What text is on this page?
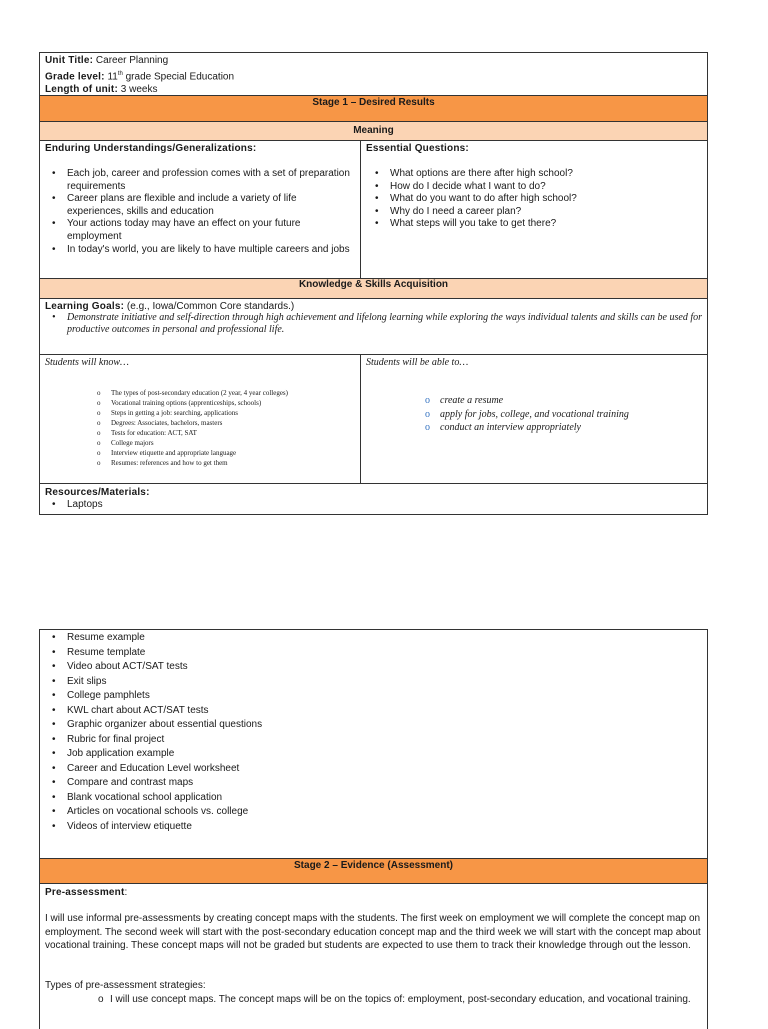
Unit Title: Career Planning
Grade level: 11th grade Special Education
Length of unit: 3 weeks
Stage 1 – Desired Results
Meaning
Enduring Understandings/Generalizations:
• Each job, career and profession comes with a set of preparation requirements
• Career plans are flexible and include a variety of life experiences, skills and education
• Your actions today may have an effect on your future employment
• In today's world, you are likely to have multiple careers and jobs
Essential Questions:
• What options are there after high school?
• How do I decide what I want to do?
• What do you want to do after high school?
• Why do I need a career plan?
• What steps will you take to get there?
Knowledge & Skills Acquisition
Learning Goals: (e.g., Iowa/Common Core standards.)
• Demonstrate initiative and self-direction through high achievement and lifelong learning while exploring the ways individual talents and skills can be used for productive outcomes in personal and professional life.
Students will know…
o The types of post-secondary education (2 year, 4 year colleges)
o Vocational training options (apprenticeships, schools)
o Steps in getting a job: searching, applications
o Degrees: Associates, bachelors, masters
o Tests for education: ACT, SAT
o College majors
o Interview etiquette and appropriate language
o Resumes: references and how to get them
Students will be able to…
o create a resume
o apply for jobs, college, and vocational training
o conduct an interview appropriately
Resources/Materials:
• Laptops
• Resume example
• Resume template
• Video about ACT/SAT tests
• Exit slips
• College pamphlets
• KWL chart about ACT/SAT tests
• Graphic organizer about essential questions
• Rubric for final project
• Job application example
• Career and Education Level worksheet
• Compare and contrast maps
• Blank vocational school application
• Articles on vocational schools vs. college
• Videos of interview etiquette
Stage 2 – Evidence (Assessment)
Pre-assessment:

I will use informal pre-assessments by creating concept maps with the students. The first week on employment we will complete the concept map on employment. The second week will start with the post-secondary education concept map and the third week we will start with the concept map about vocational training. These concept maps will not be graded but students are expected to use them to track their knowledge through out the lesson.

Types of pre-assessment strategies:
o I will use concept maps. The concept maps will be on the topics of: employment, post-secondary education, and vocational training.
